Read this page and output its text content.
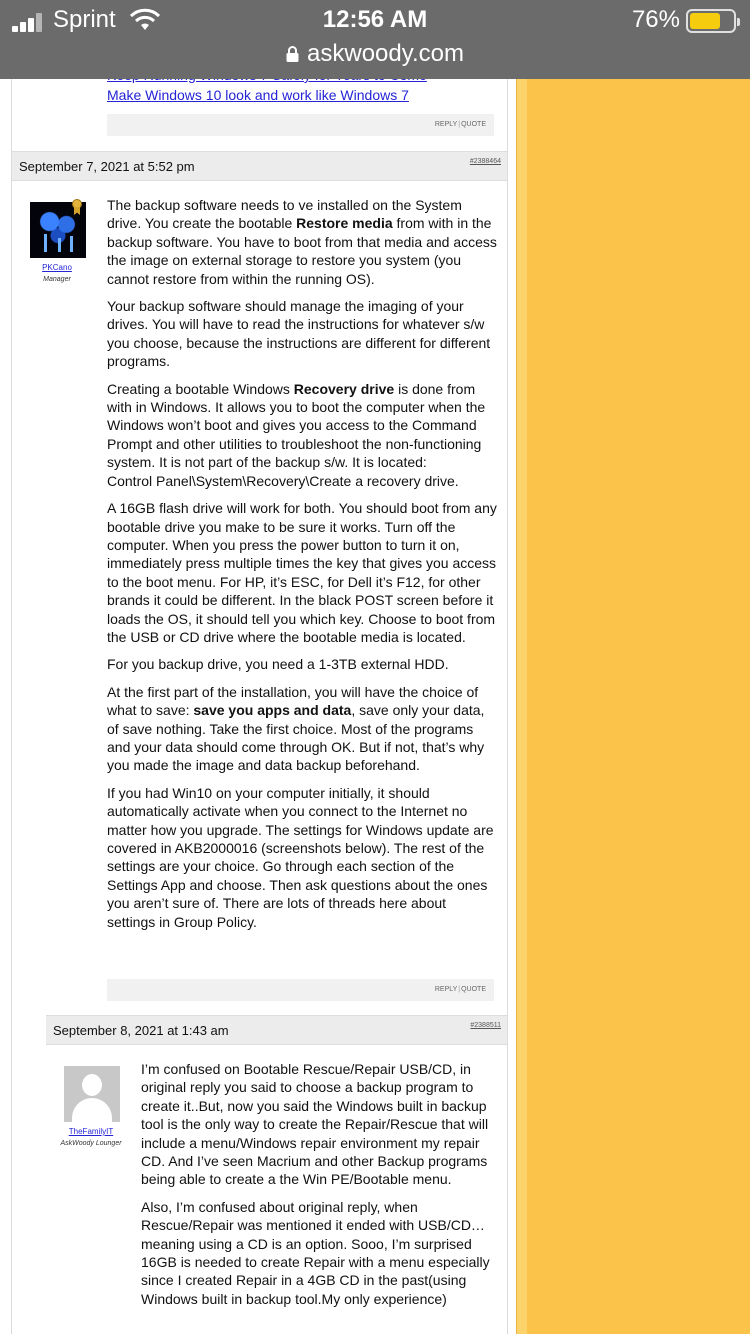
Make Windows 10 look and work like Windows 7
REPLY|QUOTE
September 7, 2021 at 5:52 pm	#2388464
PKCano
Manager

The backup software needs to ve installed on the System drive. You create the bootable Restore media from with in the backup software. You have to boot from that media and access the image on external storage to restore you system (you cannot restore from within the running OS).

Your backup software should manage the imaging of your drives. You will have to read the instructions for whatever s/w you choose, because the instructions are different for different programs.

Creating a bootable Windows Recovery drive is done from with in Windows. It allows you to boot the computer when the Windows won’t boot and gives you access to the Command Prompt and other utilities to troubleshoot the non-functioning system. It is not part of the backup s/w. It is located:
Control Panel\System\Recovery\Create a recovery drive.

A 16GB flash drive will work for both. You should boot from any bootable drive you make to be sure it works. Turn off the computer. When you press the power button to turn it on, immediately press multiple times the key that gives you access to the boot menu. For HP, it’s ESC, for Dell it’s F12, for other brands it could be different. In the black POST screen before it loads the OS, it should tell you which key. Choose to boot from the USB or CD drive where the bootable media is located.

For you backup drive, you need a 1-3TB external HDD.

At the first part of the installation, you will have the choice of what to save: save you apps and data, save only your data, of save nothing. Take the first choice. Most of the programs and your data should come through OK. But if not, that’s why you made the image and data backup beforehand.

If you had Win10 on your computer initially, it should automatically activate when you connect to the Internet no matter how you upgrade. The settings for Windows update are covered in AKB2000016 (screenshots below). The rest of the settings are your choice. Go through each section of the Settings App and choose. Then ask questions about the ones you aren’t sure of. There are lots of threads here about settings in Group Policy.

REPLY|QUOTE
September 8, 2021 at 1:43 am	#2388511
TheFamilyIT
AskWoody Lounger

I’m confused on Bootable Rescue/Repair USB/CD, in original reply you said to choose a backup program to create it..But, now you said the Windows built in backup tool is the only way to create the Repair/Rescue that will include a menu/Windows repair environment my repair CD. And I’ve seen Macrium and other Backup programs being able to create a the Win PE/Bootable menu.

Also, I’m confused about original reply, when Rescue/Repair was mentioned it ended with USB/CD…meaning using a CD is an option. Sooo, I’m surprised 16GB is needed to create Repair with a menu especially since I created Repair in a 4GB CD in the past(using Windows built in backup tool.My only experience)

Sprint	12:56 AM	76%
askwoody.com
